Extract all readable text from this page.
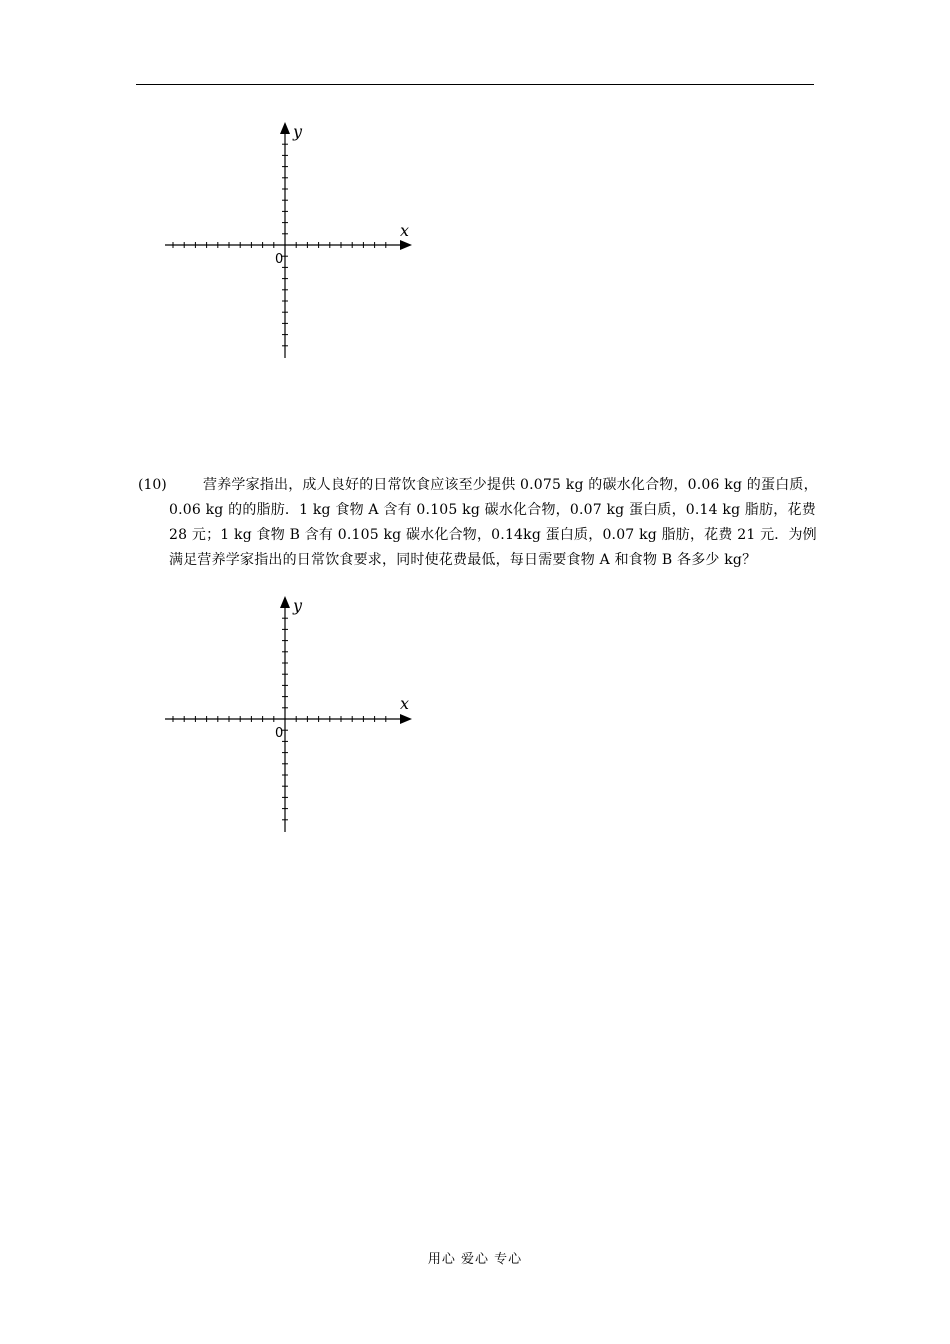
x
y
0
(10)	营养学家指出，成人良好的日常饮食应该至少提供 0.075 kg 的碳水化合物，0.06 kg 的蛋白质，0.06 kg 的的脂肪．1 kg 食物 A 含有 0.105 kg 碳水化合物，0.07 kg 蛋白质，0.14 kg 脂肪，花费 28 元；1 kg 食物 B 含有 0.105 kg 碳水化合物，0.14kg 蛋白质，0.07 kg 脂肪，花费 21 元．为例满足营养学家指出的日常饮食要求，同时使花费最低，每日需要食物 A 和食物 B 各多少 kg？
x
y
0
用心 爱心 专心
